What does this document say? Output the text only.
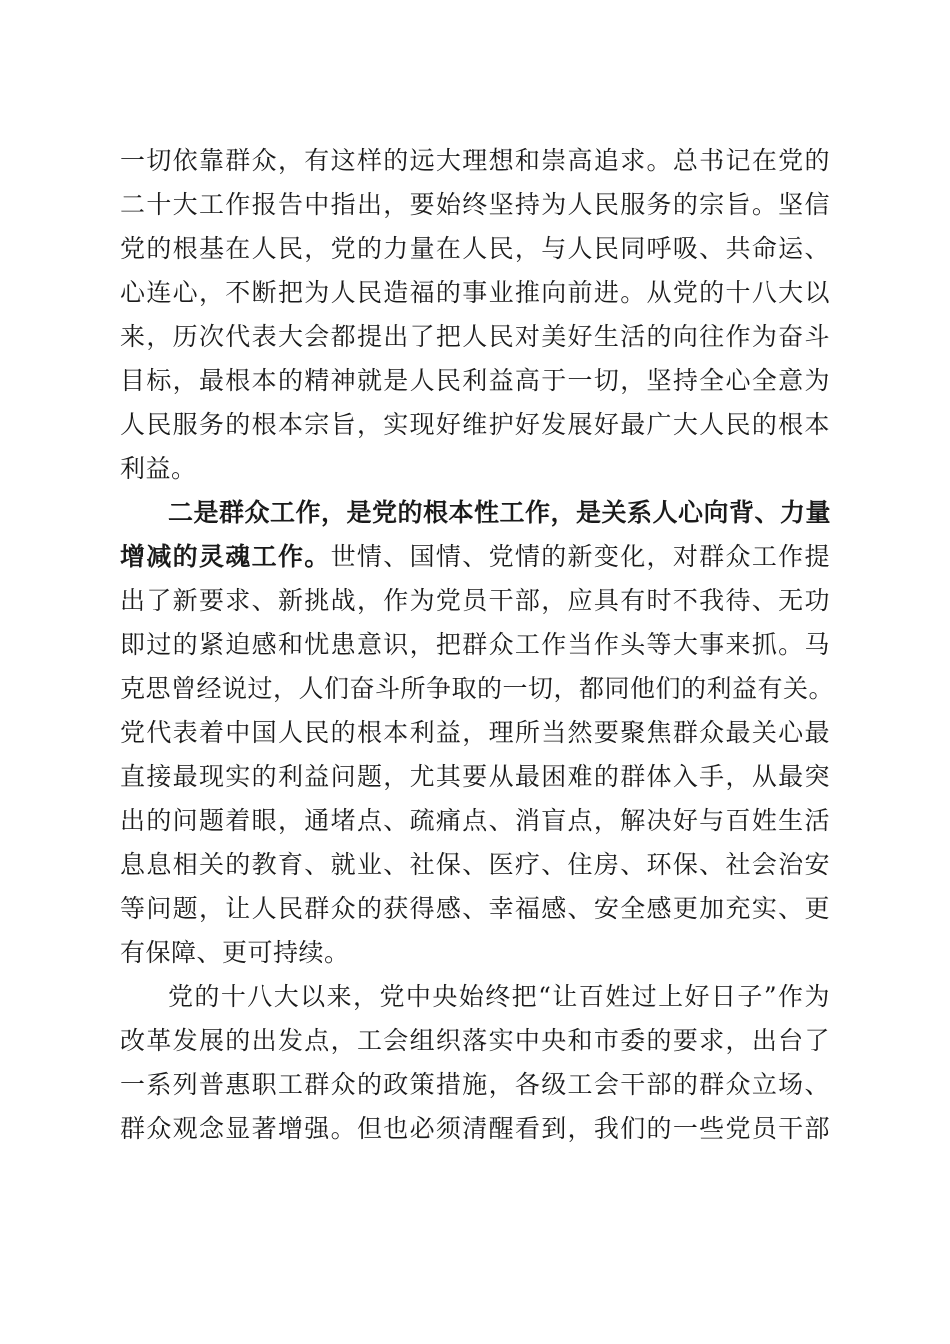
一切依靠群众，有这样的远大理想和崇高追求。总书记在党的
二十大工作报告中指出，要始终坚持为人民服务的宗旨。坚信
党的根基在人民，党的力量在人民，与人民同呼吸、共命运、
心连心，不断把为人民造福的事业推向前进。从党的十八大以
来，历次代表大会都提出了把人民对美好生活的向往作为奋斗
目标，最根本的精神就是人民利益高于一切，坚持全心全意为
人民服务的根本宗旨，实现好维护好发展好最广大人民的根本
利益。
二是群众工作，是党的根本性工作，是关系人心向背、力量
增减的灵魂工作。世情、国情、党情的新变化，对群众工作提
出了新要求、新挑战，作为党员干部，应具有时不我待、无功
即过的紧迫感和忧患意识，把群众工作当作头等大事来抓。马
克思曾经说过，人们奋斗所争取的一切，都同他们的利益有关。
党代表着中国人民的根本利益，理所当然要聚焦群众最关心最
直接最现实的利益问题，尤其要从最困难的群体入手，从最突
出的问题着眼，通堵点、疏痛点、消盲点，解决好与百姓生活
息息相关的教育、就业、社保、医疗、住房、环保、社会治安
等问题，让人民群众的获得感、幸福感、安全感更加充实、更
有保障、更可持续。
党的十八大以来，党中央始终把“让百姓过上好日子”作为
改革发展的出发点，工会组织落实中央和市委的要求，出台了
一系列普惠职工群众的政策措施，各级工会干部的群众立场、
群众观念显著增强。但也必须清醒看到，我们的一些党员干部
